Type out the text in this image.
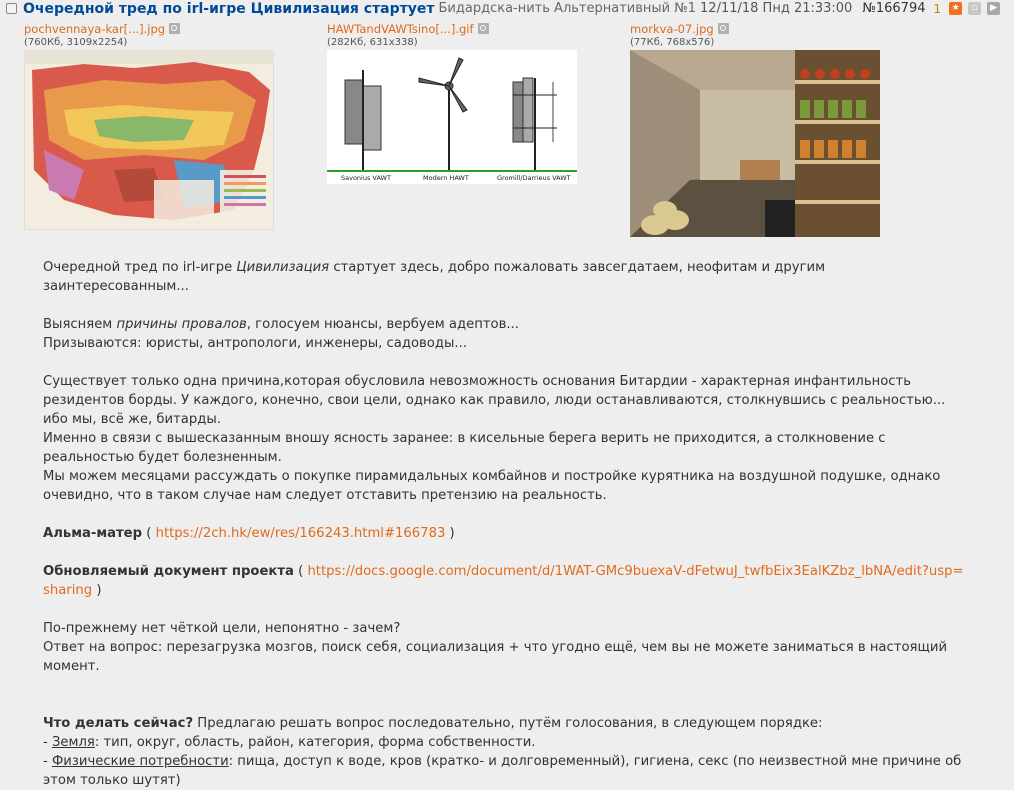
Очередной тред по irl-игре Цивилизация стартует Бидардска-нить Альтернативный №1 12/11/18 Пнд 21:33:00 №166794 1 ★	▫	▶
pochvennaya-kar[...].jpg
(760Кб, 3109x2254)
HAWTandVAWTsino[...].gif
(282Кб, 631x338)
Savonius VAWT	Modern HAWT	Gromill/Darrieus VAWT
morkva-07.jpg
(77Кб, 768x576)

Очередной тред по irl-игре Цивилизация стартует здесь, добро пожаловать завсегдатаем, неофитам и другим заинтересованным...

Выясняем причины провалов, голосуем нюансы, вербуем адептов...

Призываются: юристы, антропологи, инженеры, садоводы...

Существует только одна причина,которая обусловила невозможность основания Битардии - характерная инфантильность резидентов борды. У каждого, конечно, свои цели, однако как правило, люди останавливаются, столкнувшись с реальностью... ибо мы, всё же, битарды.

Именно в связи с вышесказанным вношу ясность заранее: в кисельные берега верить не приходится, а столкновение с реальностью будет болезненным.

Мы можем месяцами рассуждать о покупке пирамидальных комбайнов и постройке курятника на воздушной подушке, однако очевидно, что в таком случае нам следует отставить претензию на реальность.

Альма-матер ( https://2ch.hk/ew/res/166243.html#166783 )

Обновляемый документ проекта ( https://docs.google.com/document/d/1WAT-GMc9buexaV-dFetwuJ_twfbEix3EalKZbz_lbNA/edit?usp=sharing )

По-прежнему нет чёткой цели, непонятно - зачем?

Ответ на вопрос: перезагрузка мозгов, поиск себя, социализация + что угодно ещё, чем вы не можете заниматься в настоящий момент.

Что делать сейчас? Предлагаю решать вопрос последовательно, путём голосования, в следующем порядке:

- Земля: тип, округ, область, район, категория, форма собственности.

- Физические потребности: пища, доступ к воде, кров (кратко- и долговременный), гигиена, секс (по неизвестной мне причине об этом только шутят)
